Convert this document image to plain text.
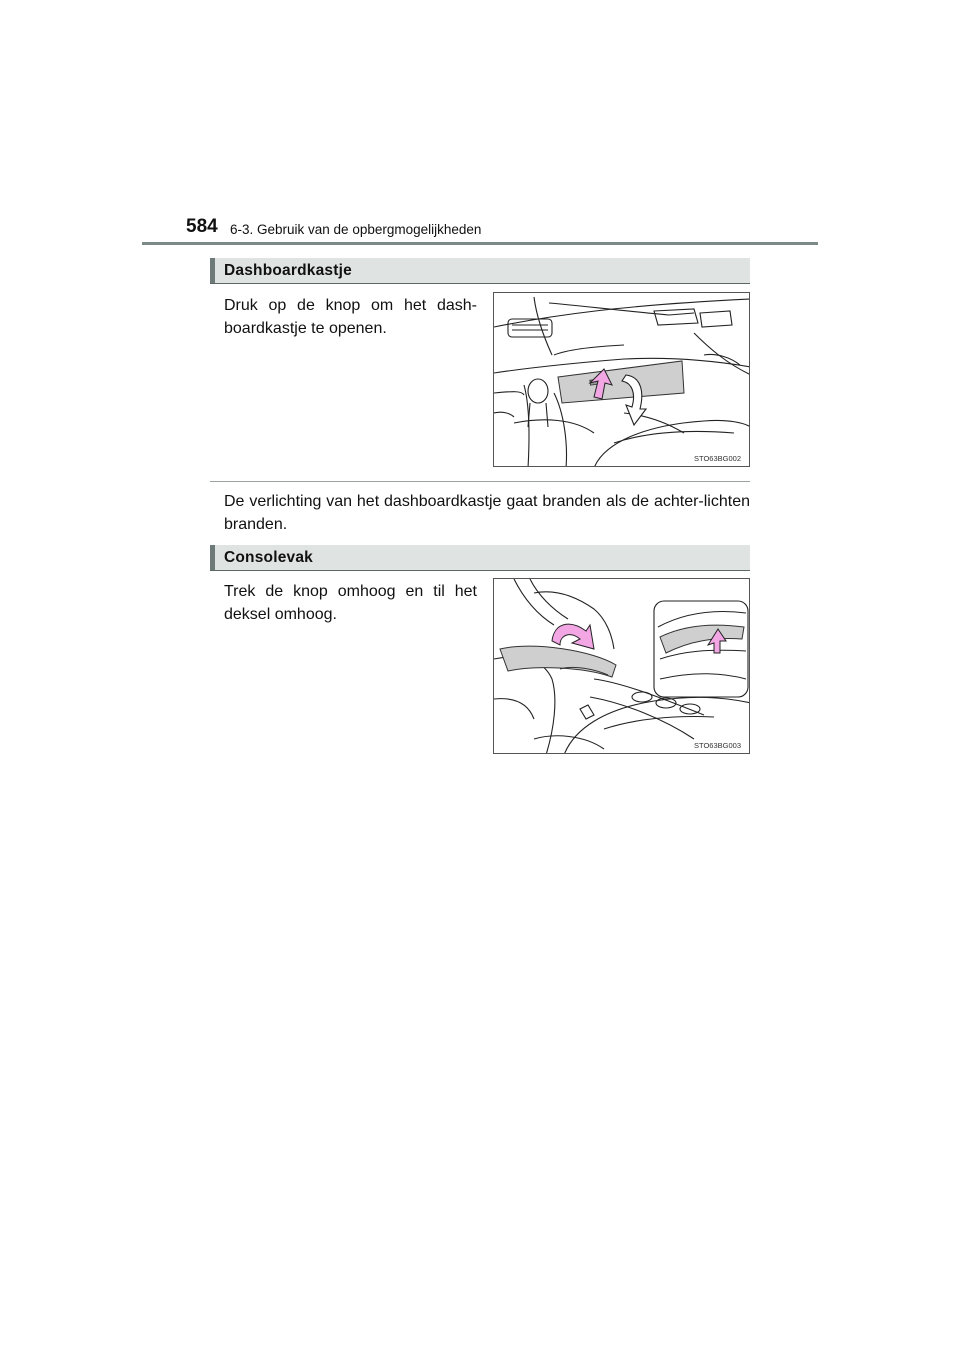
584 6-3. Gebruik van de opbergmogelijkheden
Dashboardkastje

Druk op de knop om het dash-boardkastje te openen.

STO63BG002

De verlichting van het dashboardkastje gaat branden als de achter-lichten branden.

Consolevak

Trek de knop omhoog en til het deksel omhoog.

STO63BG003
